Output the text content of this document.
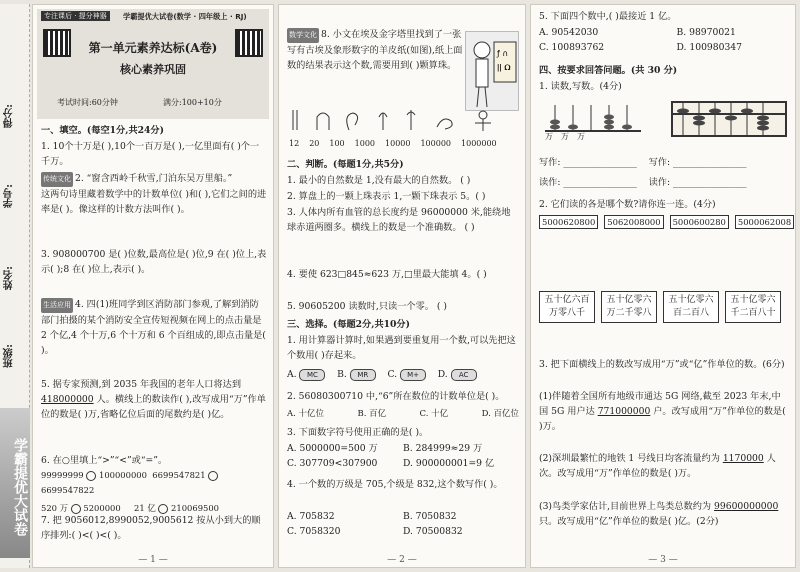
得分:
学号:
姓名:
班级:
学霸提优大试卷
专注课后 · 提分神器	学霸提优大试卷(数学 · 四年级上 · RJ)
第一单元素养达标(A卷)
核心素养巩固
考试时间:60分钟	满分:100+10分
一、填空。(每空1分,共24分)
1. 10个十万是( ),10个一百万是( ),一亿里面有( )个一千万。
传统文化 2. “窗含西岭千秋雪,门泊东吴万里船。”
这两句诗里藏着数学中的计数单位( )和( ),它们之间的进率是( )。像这样的计数方法叫作( )。
3. 908000700 是( )位数,最高位是( )位,9 在( )位上,表示( );8 在( )位上,表示( )。
生活应用 4. 四(1)班同学到区消防部门参观,了解到消防部门拍摄的某个消防安全宣传短视频在网上的点击量是 2 个亿,4 个十万,6 个十万和 6 个百组成的,即点击量是( )。
5. 据专家预测,到 2035 年我国的老年人口将达到 418000000 人。横线上的数读作( ),改写成用“万”作单位的数是( )万,省略亿位后面的尾数约是( )亿。
6. 在○里填上“>”“<”或“=”。
99999999 100000000 6699547821  6699547822
520 万 5200000 21 亿 210069500
7. 把 9056012,8990052,9005612 按从小到大的顺序排列:( )<( )<( )。
— 1 —
数学文化 8. 小文在埃及金字塔里找到了一张写有古埃及象形数字的羊皮纸(如图),纸上面数的结果表示这个数,需要用到( )颗算珠。
ƒ ∩
ǀǀ 𝛀
12 20 100 1000 10000 100000 1000000
二、判断。(每题1分,共5分)
1. 最小的自然数是 1,没有最大的自然数。 ( )
2. 算盘上的一颗上珠表示 1,一颗下珠表示 5。( )
3. 人体内所有血管的总长度约是 96000000 米,能绕地球赤道两圈多。横线上的数是一个准确数。 ( )
4. 要使 623□845≈623 万,□里最大能填 4。( )
5. 90605200 读数时,只读一个零。 ( )
三、选择。(每题2分,共10分)
1. 用计算器计算时,如果遇到要重复用一个数,可以先把这个数用( )存起来。
A. MC B. MR C. M+ D. AC
2. 56080300710 中,“6”所在数位的计数单位是( )。
A. 十亿位	B. 百亿	C. 十亿	D. 百亿位
3. 下面数字符号使用正确的是( )。
A. 5000000=500 万	B. 284999≈29 万
C. 307709<307900	D. 900000001=9 亿
4. 一个数的万级是 705,个级是 832,这个数写作( )。
A. 705832	B. 7050832
C. 7058320	D. 70500832
— 2 —
5. 下面四个数中,( )最接近 1 亿。
A. 90542030	B. 98970021
C. 100893762	D. 100980347
四、按要求回答问题。(共 30 分)
1. 读数,写数。(4分)
万万万
写作: ________________    写作: ________________
读作: ________________    读作: ________________
2. 它们读的各是哪个数?请你连一连。(4分)
5000620800	5062008000	5000600280	5000062008
五十亿六百万零八千
五十亿零六万二千零八
五十亿零六百二百八
五十亿零六千二百八十
3. 把下面横线上的数改写成用“万”或“亿”作单位的数。(6分)
(1)伴随着全国所有地级市通达 5G 网络,截至 2023 年末,中国 5G 用户达 771000000 户。改写成用“万”作单位的数是( )万。
(2)深圳最繁忙的地铁 1 号线日均客流量约为 1170000 人次。改写成用“万”作单位的数是( )万。
(3)鸟类学家估计,目前世界上鸟类总数约为 99600000000 只。改写成用“亿”作单位的数是( )亿。(2分)
— 3 —
